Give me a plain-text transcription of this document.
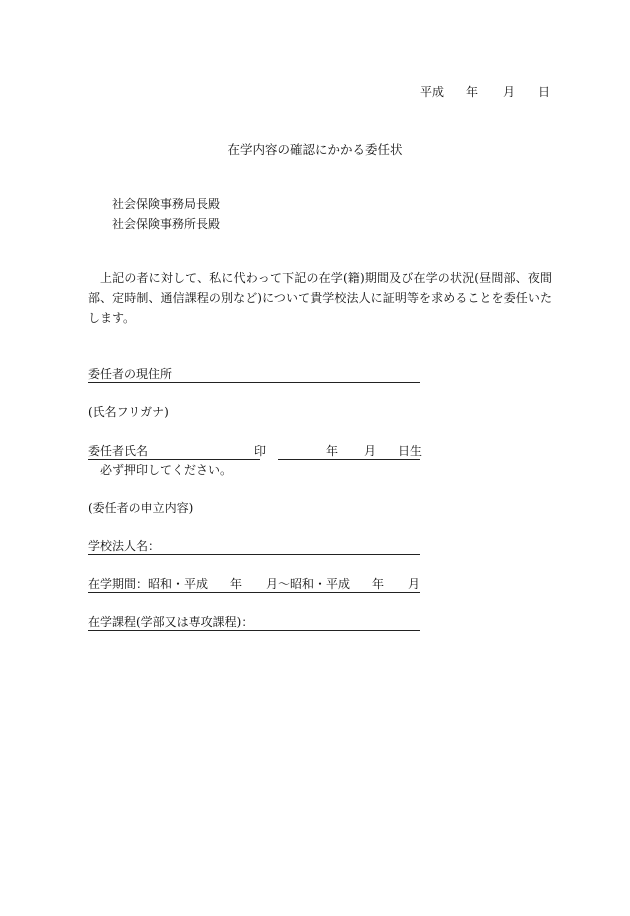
平成 年 月 日
在学内容の確認にかかる委任状
社会保険事務局長殿
社会保険事務所長殿
上記の者に対して、私に代わって下記の在学(籍)期間及び在学の状況(昼間部、夜間部、定時制、通信課程の別など)について貴学校法人に証明等を求めることを委任いたします。
委任者の現住所
(氏名フリガナ)
委任者氏名	印	年 月 日生
必ず押印してください。
(委任者の申立内容)
学校法人名：
在学期間：昭和・平成 年 月～昭和・平成 年 月
在学課程(学部又は専攻課程)：
